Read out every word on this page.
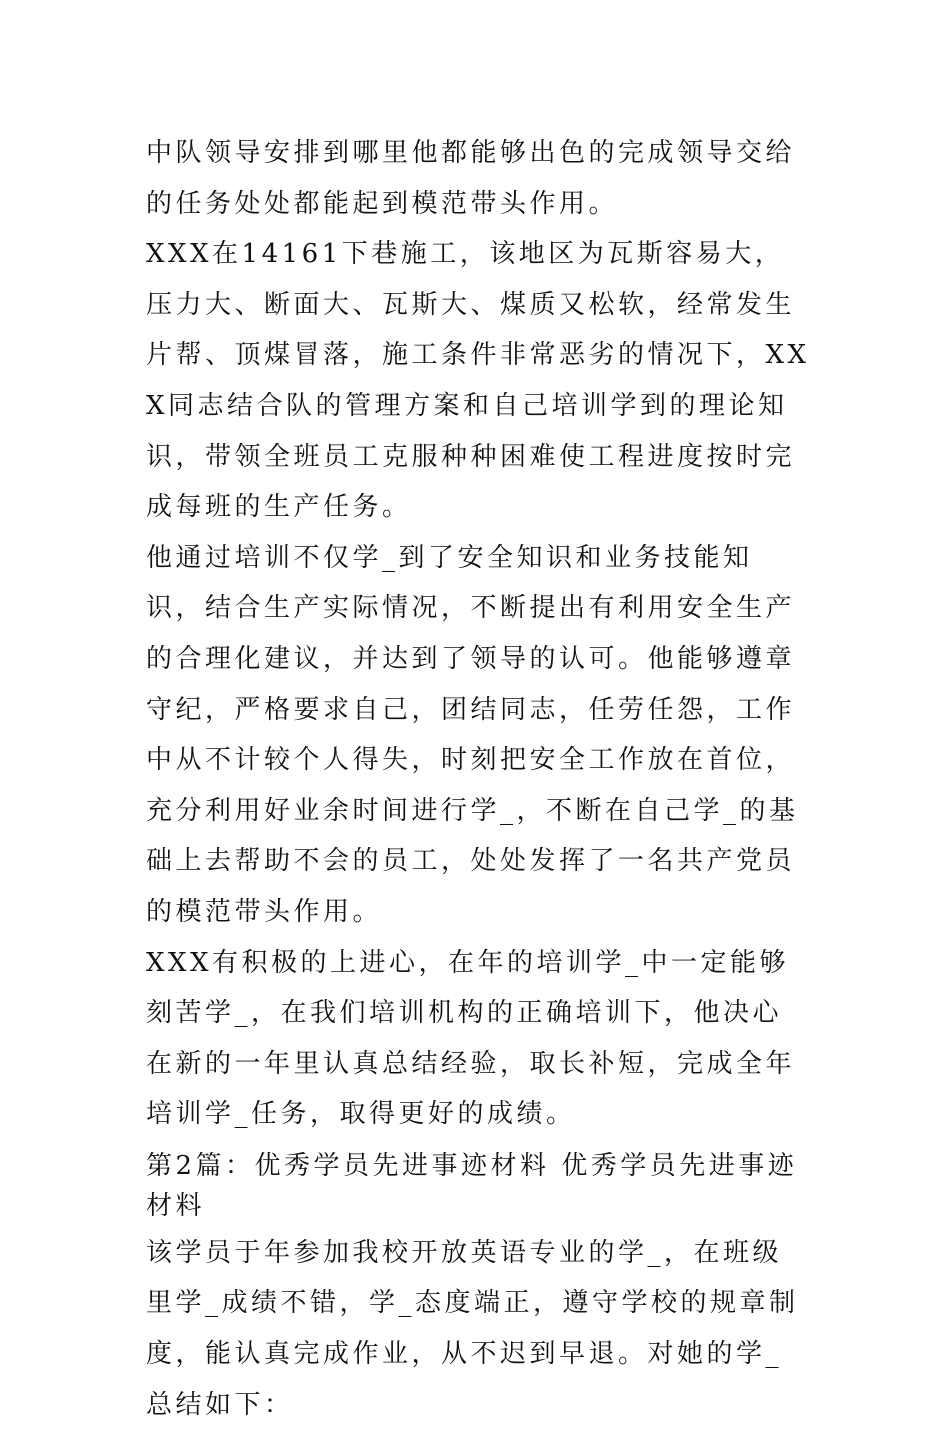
中队领导安排到哪里他都能够出色的完成领导交给的任务处处都能起到模范带头作用。

XXX在14161下巷施工，该地区为瓦斯容易大，压力大、断面大、瓦斯大、煤质又松软，经常发生片帮、顶煤冒落，施工条件非常恶劣的情况下，XXX同志结合队的管理方案和自己培训学到的理论知识，带领全班员工克服种种困难使工程进度按时完成每班的生产任务。

他通过培训不仅学_到了安全知识和业务技能知识，结合生产实际情况，不断提出有利用安全生产的合理化建议，并达到了领导的认可。他能够遵章守纪，严格要求自己，团结同志，任劳任怨，工作中从不计较个人得失，时刻把安全工作放在首位，充分利用好业余时间进行学_，不断在自己学_的基础上去帮助不会的员工，处处发挥了一名共产党员的模范带头作用。

XXX有积极的上进心，在年的培训学_中一定能够刻苦学_，在我们培训机构的正确培训下，他决心在新的一年里认真总结经验，取长补短，完成全年培训学_任务，取得更好的成绩。

第2篇：优秀学员先进事迹材料 优秀学员先进事迹材料

该学员于年参加我校开放英语专业的学_，在班级里学_成绩不错，学_态度端正，遵守学校的规章制度，能认真完成作业，从不迟到早退。对她的学_总结如下：
